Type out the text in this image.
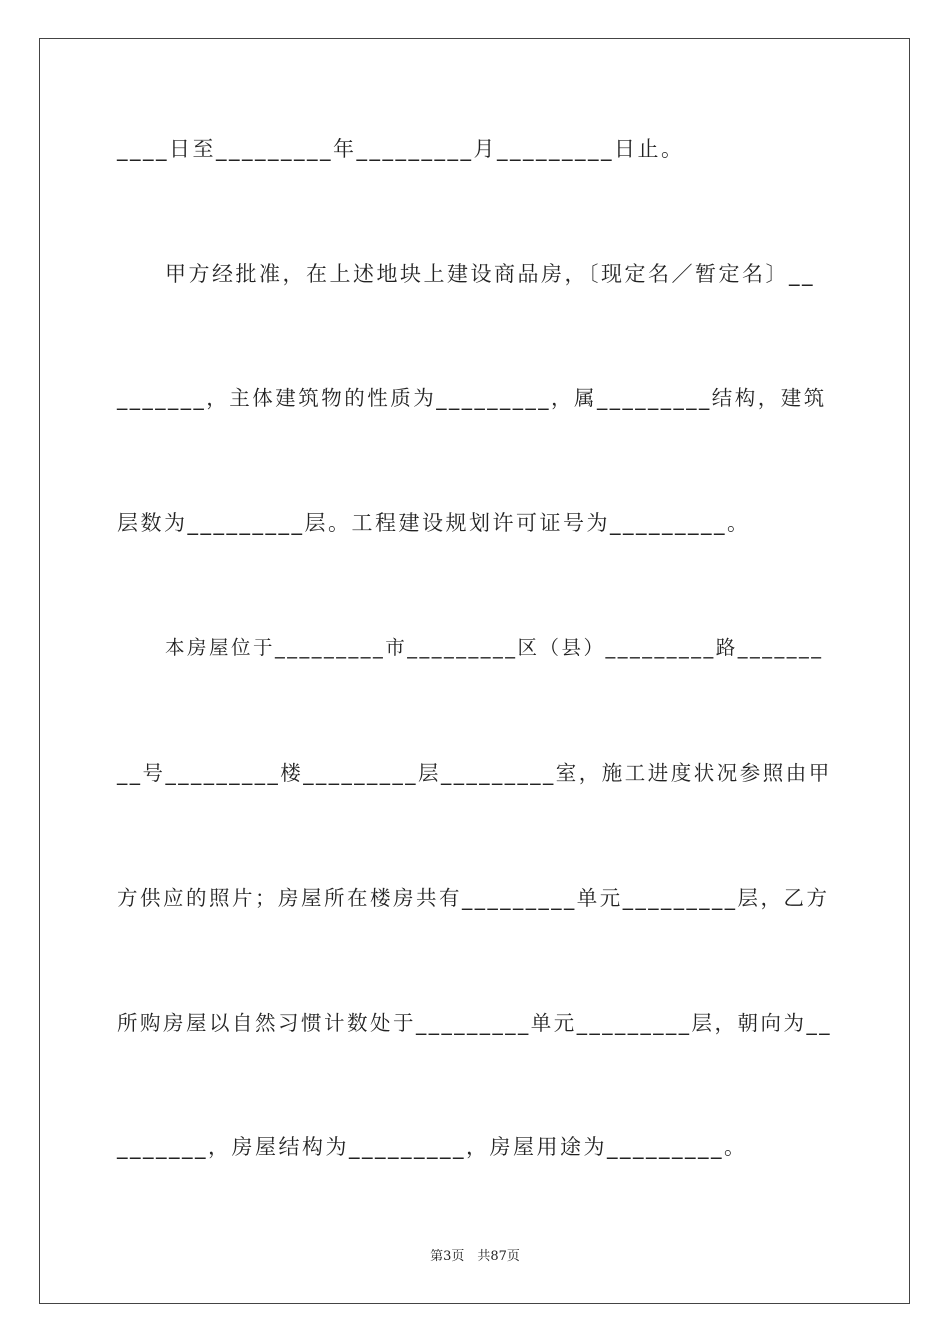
____日至_________年_________月_________日止。
甲方经批准，在上述地块上建设商品房，〔现定名／暂定名〕__
_______，主体建筑物的性质为_________，属_________结构，建筑
层数为_________层。工程建设规划许可证号为_________。
本房屋位于_________市_________区（县）_________路_______
__号_________楼_________层_________室，施工进度状况参照由甲
方供应的照片；房屋所在楼房共有_________单元_________层，乙方
所购房屋以自然习惯计数处于_________单元_________层，朝向为__
_______，房屋结构为_________，房屋用途为_________。
第3页　共87页
